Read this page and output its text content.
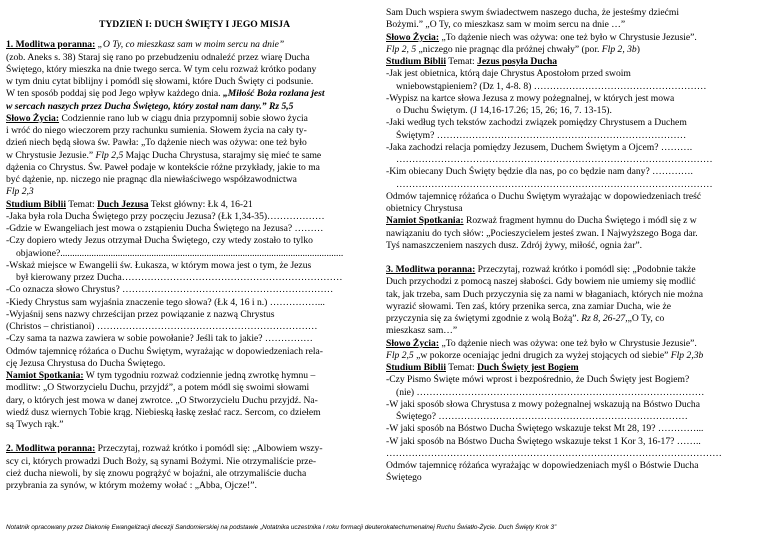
TYDZIEŃ I: DUCH ŚWIĘTY I JEGO MISJA

1. Modlitwa poranna: „O Ty, co mieszkasz sam w moim sercu na dnie”

(zob. Aneks s. 38) Staraj się rano po przebudzeniu odnaleźć przez wiarę Ducha

Świętego, który mieszka na dnie twego serca. W tym celu rozważ krótko podany

w tym dniu cytat biblijny i pomódl się słowami, które Duch Święty ci podsunie.

W ten sposób poddaj się pod Jego wpływ każdego dnia. „Miłość Boża rozlana jest

w sercach naszych przez Ducha Świętego, który został nam dany.” Rz 5,5

Słowo Życia: Codziennie rano lub w ciągu dnia przypomnij sobie słowo życia

i wróć do niego wieczorem przy rachunku sumienia. Słowem życia na cały ty-

dzień niech będą słowa św. Pawła: „To dążenie niech was ożywa: one też było

w Chrystusie Jezusie.” Flp 2,5 Mając Ducha Chrystusa, starajmy się mieć te same

dążenia co Chrystus. Św. Paweł podaje w kontekście różne przykłady, jakie to ma

być dążenie, np. niczego nie pragnąc dla niewłaściwego współzawodnictwa

Flp 2,3

Studium Biblii Temat: Duch Jezusa Tekst główny: Łk 4, 16-21

-Jaka była rola Ducha Świętego przy poczęciu Jezusa? (Łk 1,34-35)………………

-Gdzie w Ewangeliach jest mowa o zstąpieniu Ducha Świętego na Jezusa? ………

-Czy dopiero wtedy Jezus otrzymał Ducha Świętego, czy wtedy zostało to tylko

objawione?......................................................................................................................

-Wskaż miejsce w Ewangelii św. Łukasza, w którym mowa jest o tym, że Jezus

był kierowany przez Ducha……………………………………………………………

-Co oznacza słowo Chrystus? …………………………………………………………

-Kiedy Chrystus sam wyjaśnia znaczenie tego słowa? (Łk 4, 16 i n.) ……………...

-Wyjaśnij sens nazwy chrześcijan przez powiązanie z nazwą Chrystus

(Christos – christianoi) ……………………………………………………………

-Czy sama ta nazwa zawiera w sobie powołanie? Jeśli tak to jakie? ……………

Odmów tajemnicę różańca o Duchu Świętym, wyrażając w dopowiedzeniach rela-

cję Jezusa Chrystusa do Ducha Świętego.

Namiot Spotkania: W tym tygodniu rozważ codziennie jedną zwrotkę hymnu –

modlitw: „O Stworzycielu Duchu, przyjdź”, a potem módl się swoimi słowami

dary, o których jest mowa w danej zwrotce. „O Stworzycielu Duchu przyjdź. Na-

wiedź dusz wiernych Tobie krąg. Niebieską łaskę zesłać racz. Sercom, co dziełem

są Twych rąk.”

2. Modlitwa poranna: Przeczytaj, rozważ krótko i pomódl się: „Albowiem wszy-

scy ci, których prowadzi Duch Boży, są synami Bożymi. Nie otrzymaliście prze-

cież ducha niewoli, by się znowu pogrążyć w bojaźni, ale otrzymaliście ducha

przybrania za synów, w którym możemy wołać : „Abba, Ojcze!”.

Sam Duch wspiera swym świadectwem naszego ducha, że jesteśmy dziećmi

Bożymi.” „O Ty, co mieszkasz sam w moim sercu na dnie …”

Słowo Życia: „To dążenie niech was ożywa: one też było w Chrystusie Jezusie”.

Flp 2, 5 „niczego nie pragnąc dla próżnej chwały” (por. Flp 2, 3b)

Studium Biblii Temat: Jezus posyła Ducha

-Jak jest obietnica, którą daje Chrystus Apostołom przed swoim

wniebowstąpieniem? (Dz 1, 4-8. 8) ………………………………………………

-Wypisz na kartce słowa Jezusa z mowy pożegnalnej, w których jest mowa

o Duchu Świętym. (J 14,16-17.26; 15, 26; 16, 7. 13-15).

-Jaki według tych tekstów zachodzi związek pomiędzy Chrystusem a Duchem

Świętym? ……………………………………………………………………

-Jaka zachodzi relacja pomiędzy Jezusem, Duchem Świętym a Ojcem? ……….

………………………………………………………………………………………

-Kim obiecany Duch Święty będzie dla nas, po co będzie nam dany? ………….

………………………………………………………………………………………

Odmów tajemnicę różańca o Duchu Świętym wyrażając w dopowiedzeniach treść

obietnicy Chrystusa

Namiot Spotkania: Rozważ fragment hymnu do Ducha Świętego i módl się z w

nawiązaniu do tych słów: „Pocieszycielem jesteś zwan. I Najwyższego Boga dar.

Tyś namaszczeniem naszych dusz. Zdrój żywy, miłość, ognia żar”.

3. Modlitwa poranna: Przeczytaj, rozważ krótko i pomódl się: „Podobnie także

Duch przychodzi z pomocą naszej słabości. Gdy bowiem nie umiemy się modlić

tak, jak trzeba, sam Duch przyczynia się za nami w błaganiach, których nie można

wyrazić słowami. Ten zaś, który przenika serca, zna zamiar Ducha, wie że

przyczynia się za świętymi zgodnie z wolą Bożą”. Rz 8, 26-27,„O Ty, co

mieszkasz sam…”

Słowo Życia: „To dążenie niech was ożywa: one też było w Chrystusie Jezusie”.

Flp 2,5 „w pokorze oceniając jedni drugich za wyżej stojących od siebie” Flp 2,3b

Studium Biblii Temat: Duch Święty jest Bogiem

-Czy Pismo Święte mówi wprost i bezpośrednio, że Duch Święty jest Bogiem?

(nie) ………………………………………………………………………………

-W jaki sposób słowa Chrystusa z mowy pożegnalnej wskazują na Bóstwo Ducha

Świętego? ……………………………………………………………………

-W jaki sposób na Bóstwo Ducha Świętego wskazuje tekst Mt 28, 19? …………...

-W jaki sposób na Bóstwo Ducha Świętego wskazuje tekst 1 Kor 3, 16-17? ……..

……………………………………………………………………………………………

Odmów tajemnicę różańca wyrażając w dopowiedzeniach myśl o Bóstwie Ducha

Świętego

Notatnik opracowany przez Diakonię Ewangelizacji diecezji Sandomierskiej na podstawie „Notatnika uczestnika I roku formacji deuterokatechumenalnej Ruchu Światło-Życie. Duch Święty Krok 3”
